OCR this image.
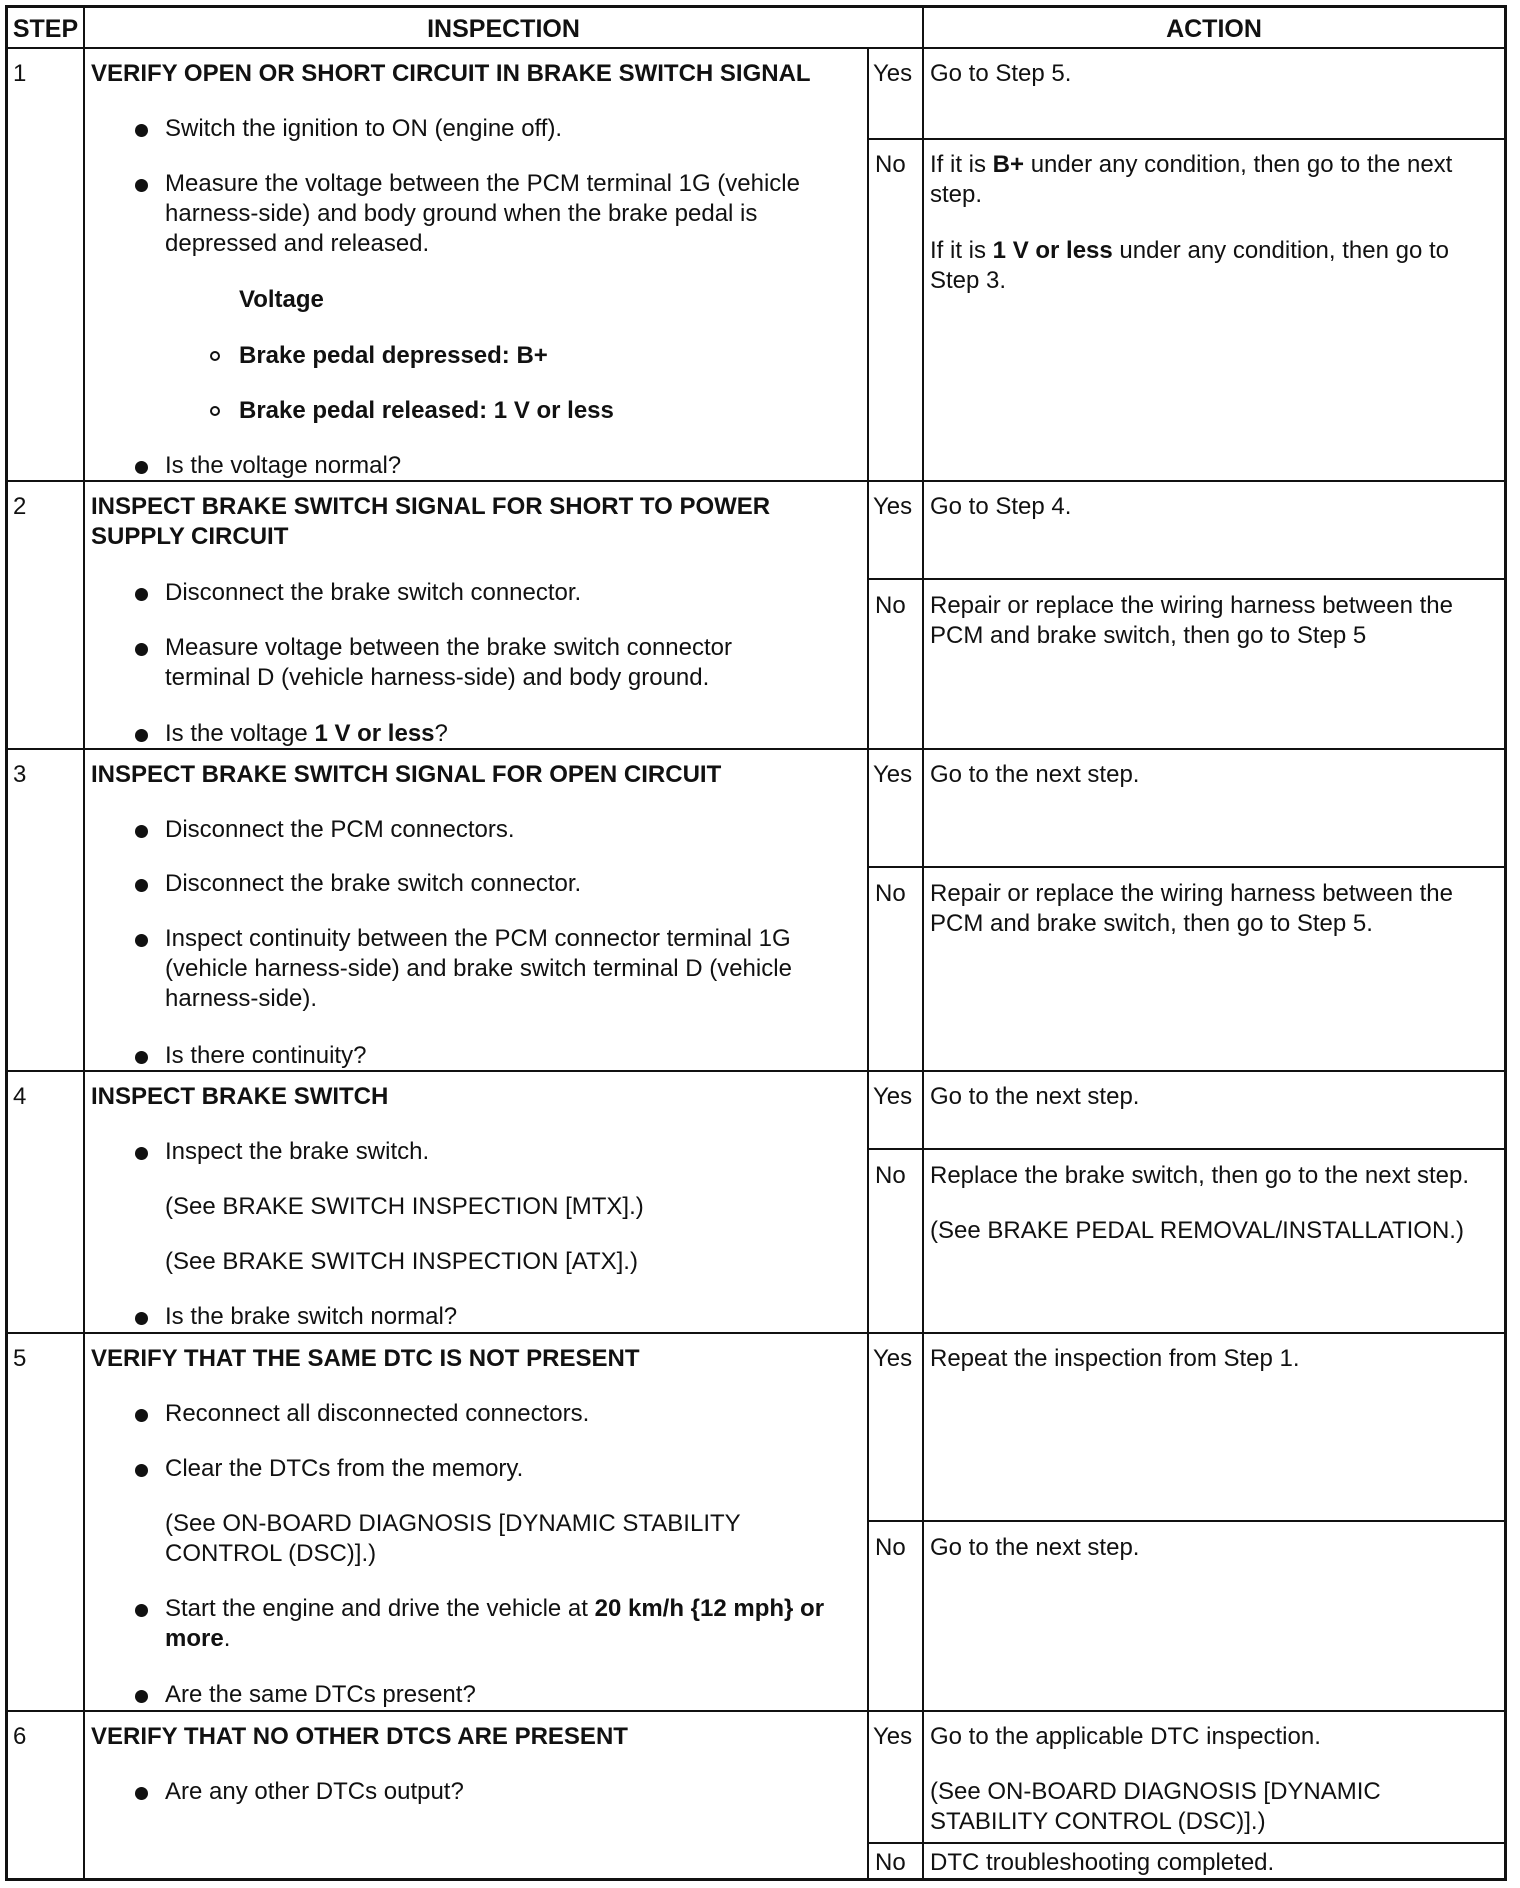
STEP	INSPECTION	ACTION
1	VERIFY OPEN OR SHORT CIRCUIT IN BRAKE SWITCH SIGNAL
Switch the ignition to ON (engine off).
Measure the voltage between the PCM terminal 1G (vehicle harness-side) and body ground when the brake pedal is depressed and released.
Voltage
Brake pedal depressed: B+
Brake pedal released: 1 V or less
Is the voltage normal?
Yes Go to Step 5.
No If it is B+ under any condition, then go to the next step.
If it is 1 V or less under any condition, then go to Step 3.
2	INSPECT BRAKE SWITCH SIGNAL FOR SHORT TO POWER SUPPLY CIRCUIT
Disconnect the brake switch connector.
Measure voltage between the brake switch connector terminal D (vehicle harness-side) and body ground.
Is the voltage 1 V or less?
Yes Go to Step 4.
No Repair or replace the wiring harness between the PCM and brake switch, then go to Step 5
3	INSPECT BRAKE SWITCH SIGNAL FOR OPEN CIRCUIT
Disconnect the PCM connectors.
Disconnect the brake switch connector.
Inspect continuity between the PCM connector terminal 1G (vehicle harness-side) and brake switch terminal D (vehicle harness-side).
Is there continuity?
Yes Go to the next step.
No Repair or replace the wiring harness between the PCM and brake switch, then go to Step 5.
4	INSPECT BRAKE SWITCH
Inspect the brake switch.
(See BRAKE SWITCH INSPECTION [MTX].)
(See BRAKE SWITCH INSPECTION [ATX].)
Is the brake switch normal?
Yes Go to the next step.
No Replace the brake switch, then go to the next step.
(See BRAKE PEDAL REMOVAL/INSTALLATION.)
5	VERIFY THAT THE SAME DTC IS NOT PRESENT
Reconnect all disconnected connectors.
Clear the DTCs from the memory.
(See ON-BOARD DIAGNOSIS [DYNAMIC STABILITY CONTROL (DSC)].)
Start the engine and drive the vehicle at 20 km/h {12 mph} or more.
Are the same DTCs present?
Yes Repeat the inspection from Step 1.
No Go to the next step.
6	VERIFY THAT NO OTHER DTCS ARE PRESENT
Are any other DTCs output?
Yes Go to the applicable DTC inspection.
(See ON-BOARD DIAGNOSIS [DYNAMIC STABILITY CONTROL (DSC)].)
No DTC troubleshooting completed.
